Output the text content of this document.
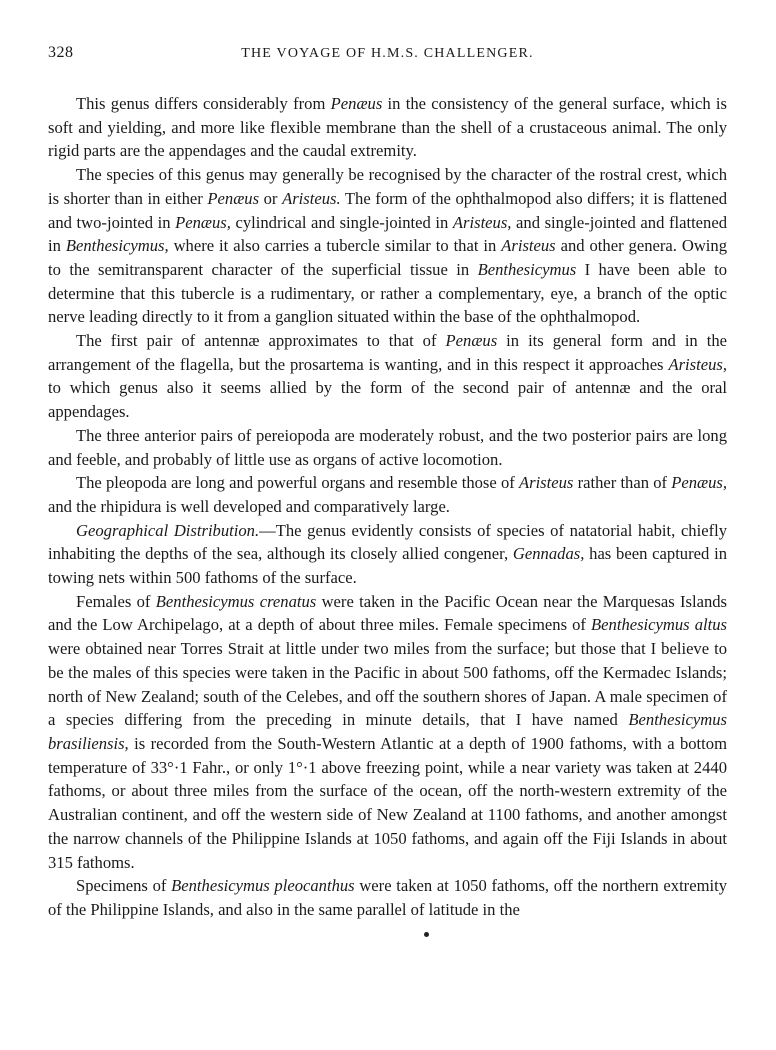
328	THE VOYAGE OF H.M.S. CHALLENGER.

This genus differs considerably from Penæus in the consistency of the general surface, which is soft and yielding, and more like flexible membrane than the shell of a crustaceous animal. The only rigid parts are the appendages and the caudal extremity.

The species of this genus may generally be recognised by the character of the rostral crest, which is shorter than in either Penæus or Aristeus. The form of the ophthalmopod also differs; it is flattened and two-jointed in Penæus, cylindrical and single-jointed in Aristeus, and single-jointed and flattened in Benthesicymus, where it also carries a tubercle similar to that in Aristeus and other genera. Owing to the semitransparent character of the superficial tissue in Benthesicymus I have been able to determine that this tubercle is a rudimentary, or rather a complementary, eye, a branch of the optic nerve leading directly to it from a ganglion situated within the base of the ophthalmopod.

The first pair of antennæ approximates to that of Penæus in its general form and in the arrangement of the flagella, but the prosartema is wanting, and in this respect it approaches Aristeus, to which genus also it seems allied by the form of the second pair of antennæ and the oral appendages.

The three anterior pairs of pereiopoda are moderately robust, and the two posterior pairs are long and feeble, and probably of little use as organs of active locomotion.

The pleopoda are long and powerful organs and resemble those of Aristeus rather than of Penæus, and the rhipidura is well developed and comparatively large.

Geographical Distribution.—The genus evidently consists of species of natatorial habit, chiefly inhabiting the depths of the sea, although its closely allied congener, Gennadas, has been captured in towing nets within 500 fathoms of the surface.

Females of Benthesicymus crenatus were taken in the Pacific Ocean near the Marquesas Islands and the Low Archipelago, at a depth of about three miles. Female specimens of Benthesicymus altus were obtained near Torres Strait at little under two miles from the surface; but those that I believe to be the males of this species were taken in the Pacific in about 500 fathoms, off the Kermadec Islands; north of New Zealand; south of the Celebes, and off the southern shores of Japan. A male specimen of a species differing from the preceding in minute details, that I have named Benthesicymus brasiliensis, is recorded from the South-Western Atlantic at a depth of 1900 fathoms, with a bottom temperature of 33°·1 Fahr., or only 1°·1 above freezing point, while a near variety was taken at 2440 fathoms, or about three miles from the surface of the ocean, off the north-western extremity of the Australian continent, and off the western side of New Zealand at 1100 fathoms, and another amongst the narrow channels of the Philippine Islands at 1050 fathoms, and again off the Fiji Islands in about 315 fathoms.

Specimens of Benthesicymus pleocanthus were taken at 1050 fathoms, off the northern extremity of the Philippine Islands, and also in the same parallel of latitude in the
